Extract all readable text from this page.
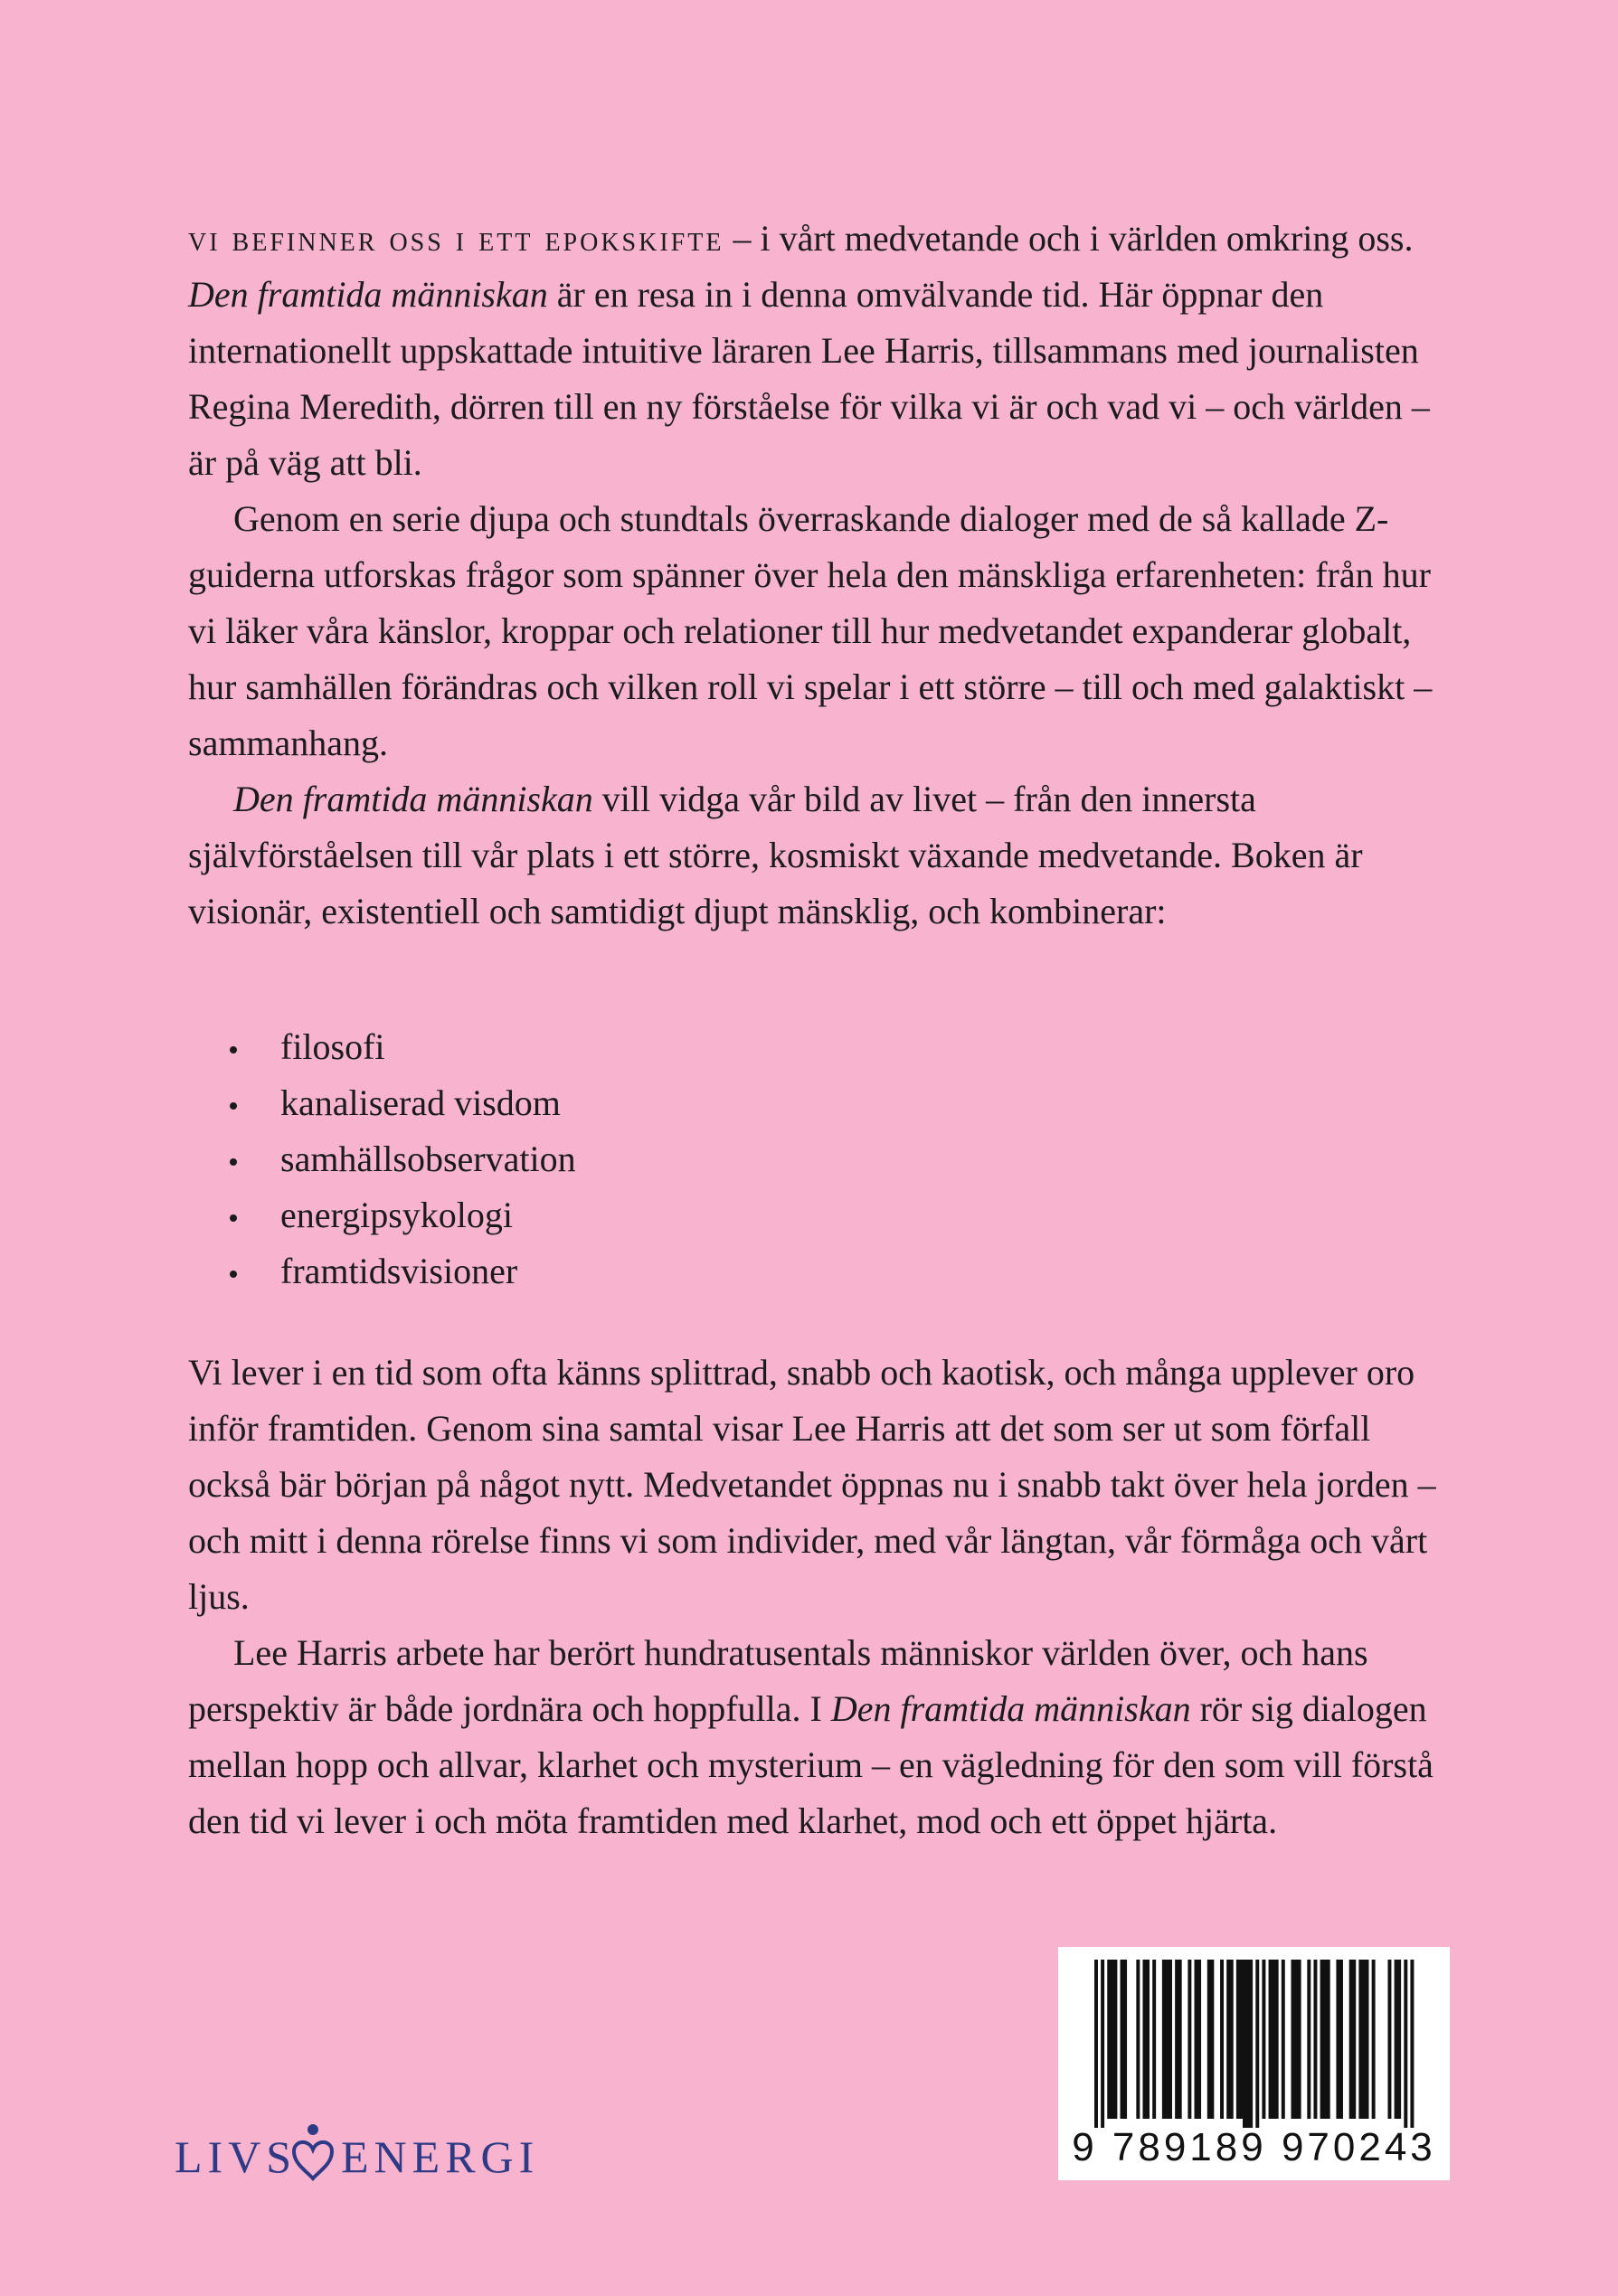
vi befinner oss i ett epokskifte – i vårt medvetande och i världen omkring oss. Den framtida människan är en resa in i denna omvälvande tid. Här öppnar den internationellt uppskattade intuitive läraren Lee Harris, tillsammans med journalisten Regina Meredith, dörren till en ny förståelse för vilka vi är och vad vi – och världen – är på väg att bli.

Genom en serie djupa och stundtals överraskande dialoger med de så kallade Z-guiderna utforskas frågor som spänner över hela den mänskliga erfarenheten: från hur vi läker våra känslor, kroppar och relationer till hur medvetandet expanderar globalt, hur samhällen förändras och vilken roll vi spelar i ett större – till och med galaktiskt – sammanhang.

Den framtida människan vill vidga vår bild av livet – från den innersta självförståelsen till vår plats i ett större, kosmiskt växande medvetande. Boken är visionär, existentiell och samtidigt djupt mänsklig, och kombinerar:

filosofi
kanaliserad visdom
samhällsobservation
energipsykologi
framtidsvisioner

Vi lever i en tid som ofta känns splittrad, snabb och kaotisk, och många upplever oro inför framtiden. Genom sina samtal visar Lee Harris att det som ser ut som förfall också bär början på något nytt. Medvetandet öppnas nu i snabb takt över hela jorden – och mitt i denna rörelse finns vi som individer, med vår längtan, vår förmåga och vårt ljus.

Lee Harris arbete har berört hundratusentals människor världen över, och hans perspektiv är både jordnära och hoppfulla. I Den framtida människan rör sig dialogen mellan hopp och allvar, klarhet och mysterium – en vägledning för den som vill förstå den tid vi lever i och möta framtiden med klarhet, mod och ett öppet hjärta.

9 789189 970243
LIVS ENERGI
